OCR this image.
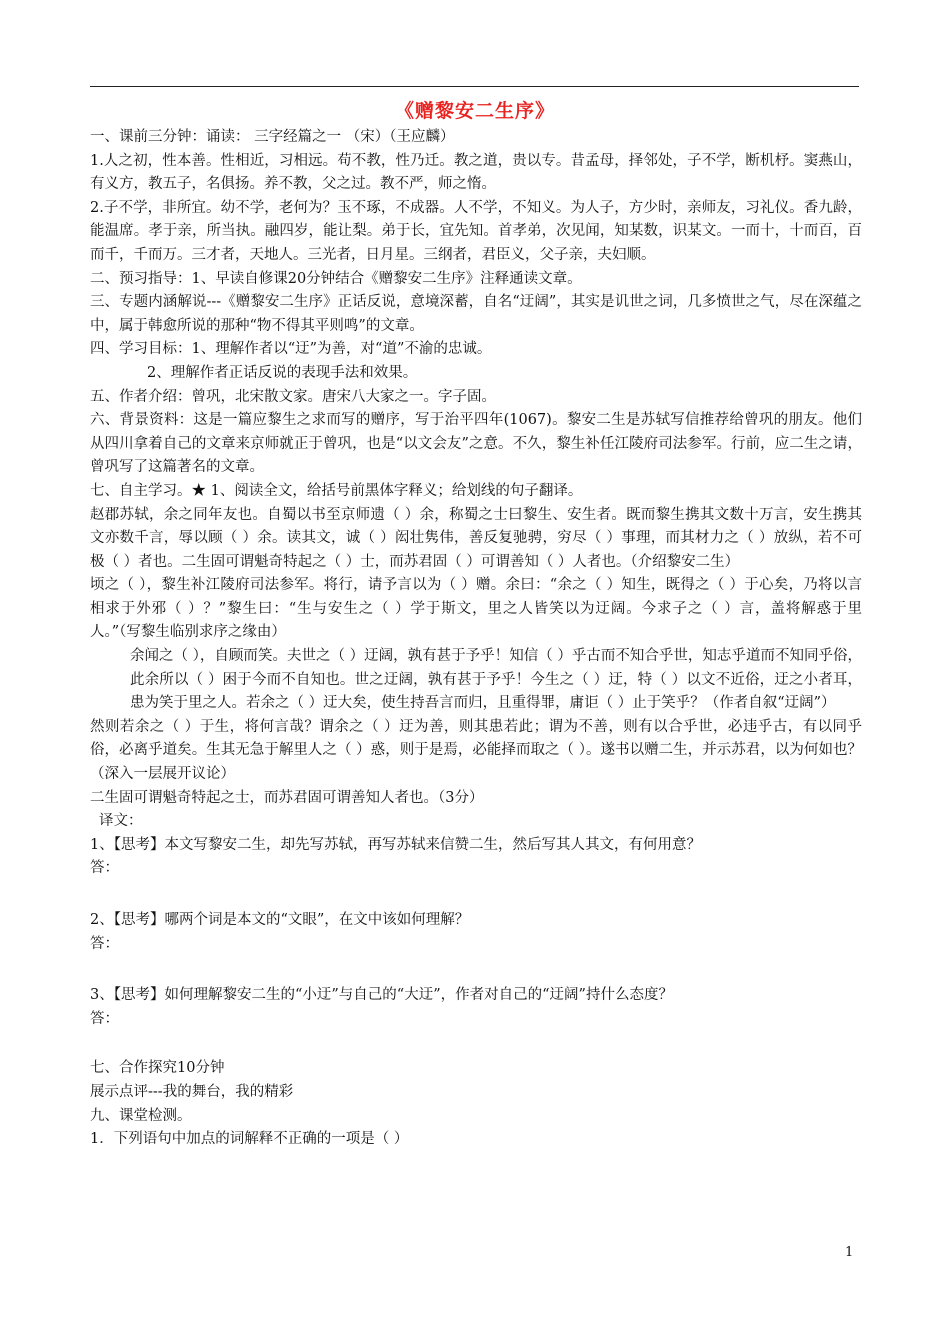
《赠黎安二生序》

一、课前三分钟：诵读： 三字经篇之一 （宋）（王应麟）

1.人之初，性本善。性相近，习相远。苟不教，性乃迁。教之道，贵以专。昔孟母，择邻处，子不学，断机杼。窦燕山，有义方，教五子，名俱扬。养不教，父之过。教不严，师之惰。

2.子不学，非所宜。幼不学，老何为？玉不琢，不成器。人不学，不知义。为人子，方少时，亲师友，习礼仪。香九龄，能温席。孝于亲，所当执。融四岁，能让梨。弟于长，宜先知。首孝弟，次见闻，知某数，识某文。一而十，十而百，百而千，千而万。三才者，天地人。三光者，日月星。三纲者，君臣义，父子亲，夫妇顺。

二、预习指导：1、早读自修课20分钟结合《赠黎安二生序》注释通读文章。

三、专题内涵解说---《赠黎安二生序》正话反说，意境深蓄，自名“迂阔”，其实是讥世之词，几多愤世之气，尽在深蕴之中，属于韩愈所说的那种“物不得其平则鸣”的文章。

四、学习目标：1、理解作者以“迂”为善，对“道”不渝的忠诚。

2、理解作者正话反说的表现手法和效果。

五、作者介绍：曾巩，北宋散文家。唐宋八大家之一。字子固。

六、背景资料：这是一篇应黎生之求而写的赠序，写于治平四年(1067)。黎安二生是苏轼写信推荐给曾巩的朋友。他们从四川拿着自己的文章来京师就正于曾巩，也是“以文会友”之意。不久，黎生补任江陵府司法参军。行前，应二生之请，曾巩写了这篇著名的文章。

七、自主学习。★ 1、阅读全文，给括号前黑体字释义；给划线的句子翻译。

赵郡苏轼，余之同年友也。自蜀以书至京师遗（ ）余，称蜀之士曰黎生、安生者。既而黎生携其文数十万言，安生携其文亦数千言，辱以顾（ ）余。读其文，诚（ ）闳壮隽伟，善反复驰骋，穷尽（ ）事理，而其材力之（ ）放纵，若不可 极（ ）者也。二生固可谓魁奇特起之（ ）士，而苏君固（ ）可谓善知（ ）人者也。（介绍黎安二生）

顷之（ ），黎生补江陵府司法参军。将行，请予言以为（ ）赠。余曰：“余之（ ）知生，既得之（ ）于心矣，乃将以言相求于外邪（ ）？”黎生曰：“生与安生之（ ）学于斯文，里之人皆笑以为迂阔。今求子之（ ）言，盖将解惑于里人。”（写黎生临别求序之缘由）

余闻之（ ），自顾而笑。夫世之（ ）迂阔，孰有甚于予乎！知信（ ）乎古而不知合乎世，知志乎道而不知同乎俗，此余所以（ ）困于今而不自知也。世之迂阔，孰有甚于予乎！今生之（ ）迂，特（ ）以文不近俗，迂之小者耳，患为笑于里之人。若余之（ ）迂大矣，使生持吾言而归，且重得罪，庸讵（ ）止于笑乎？（作者自叙“迂阔”）

然则若余之（ ）于生，将何言哉？谓余之（ ）迂为善，则其患若此；谓为不善，则有以合乎世，必违乎古，有以同乎俗，必离乎道矣。生其无急于解里人之（ ）惑，则于是焉，必能择而取之（ ）。遂书以赠二生，并示苏君，以为何如也？（深入一层展开议论）

二生固可谓魁奇特起之士，而苏君固可谓善知人者也。（3分）

译文：

1、【思考】本文写黎安二生，却先写苏轼，再写苏轼来信赞二生，然后写其人其文，有何用意？

答：

2、【思考】哪两个词是本文的“文眼”，在文中该如何理解？

答：

3、【思考】如何理解黎安二生的“小迂”与自己的“大迂”，作者对自己的“迂阔”持什么态度？

答：

七、合作探究10分钟

展示点评---我的舞台，我的精彩

九、课堂检测。

1．下列语句中加点的词解释不正确的一项是（ ）

1
